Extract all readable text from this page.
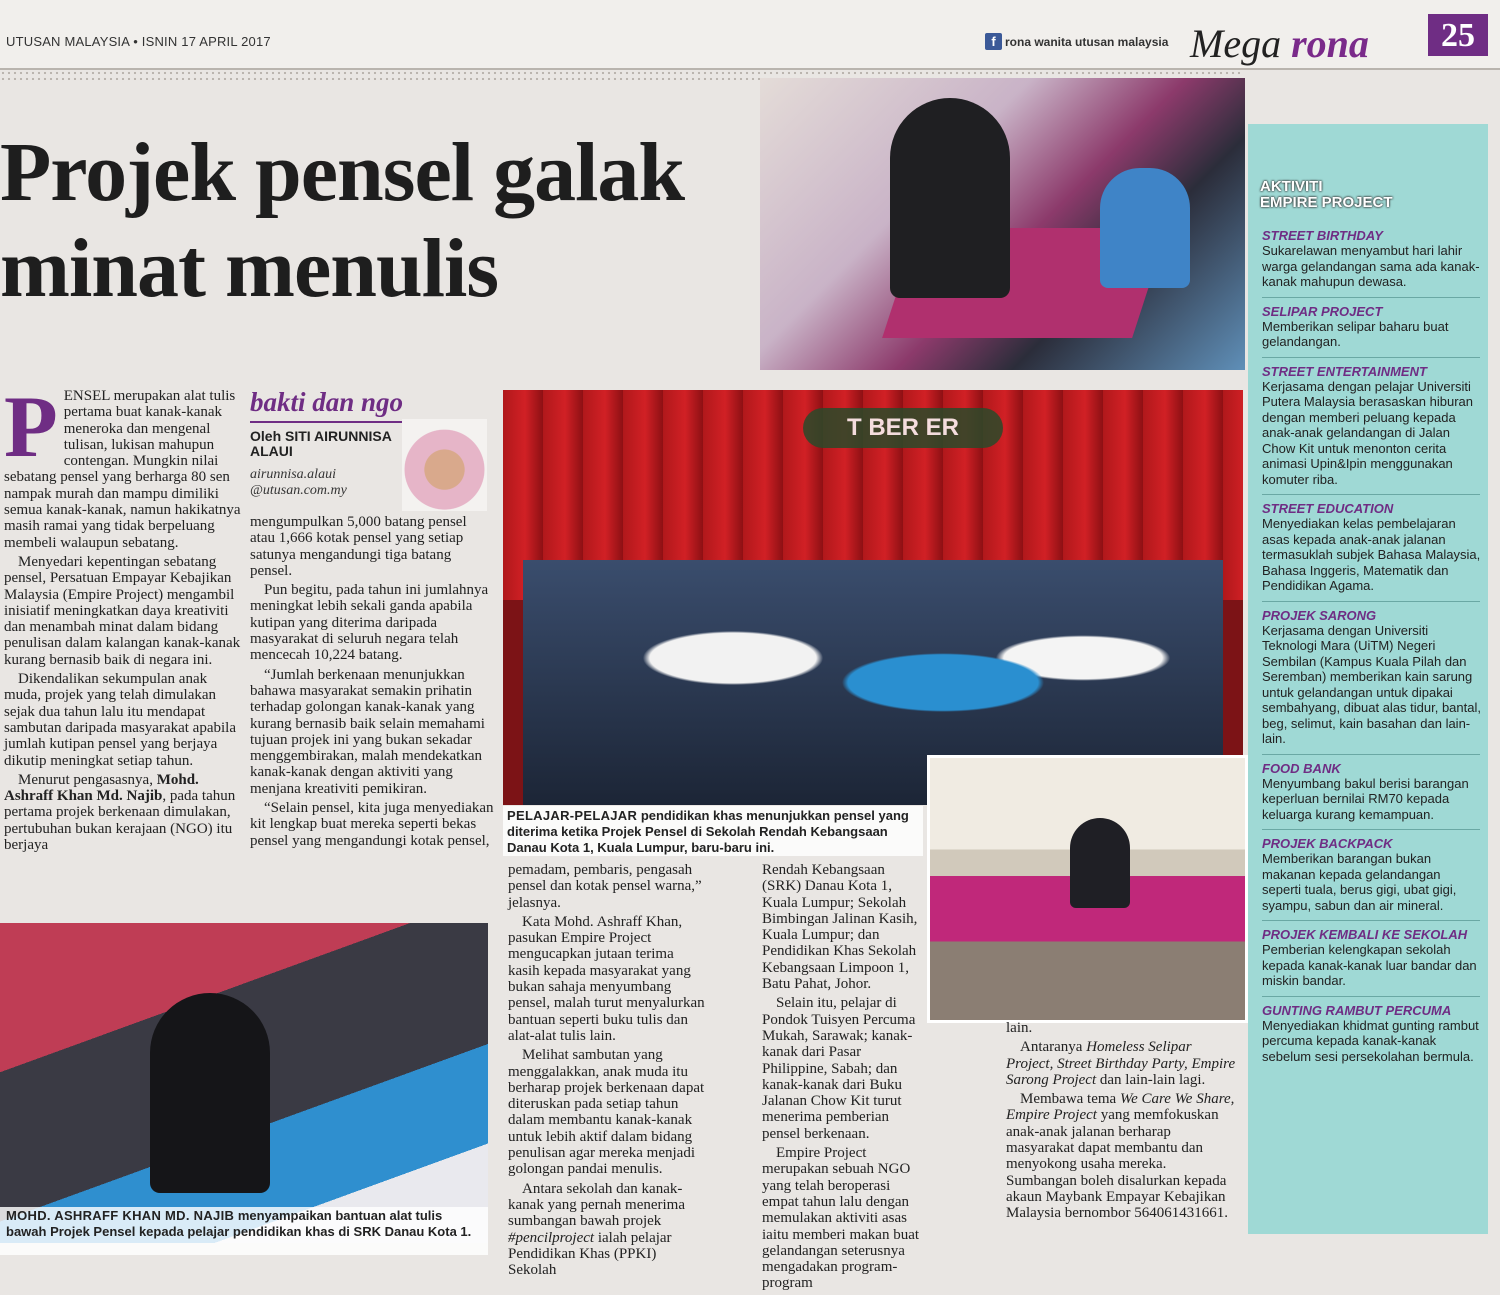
UTUSAN MALAYSIA • ISNIN 17 APRIL 2017	f rona wanita utusan malaysia Mega rona	25
Projek pensel galak
minat menulis
bakti dan ngo
Oleh SITI AIRUNNISA ALAUI
airunnisa.alaui @utusan.com.my

PENSEL merupakan alat tulis pertama buat kanak-kanak meneroka dan mengenal tulisan, lukisan mahupun contengan. Mungkin nilai sebatang pensel yang berharga 80 sen nampak murah dan mampu dimiliki semua kanak-kanak, namun hakikatnya masih ramai yang tidak berpeluang membeli walaupun sebatang.

Menyedari kepentingan sebatang pensel, Persatuan Empayar Kebajikan Malaysia (Empire Project) mengambil inisiatif meningkatkan daya kreativiti dan menambah minat dalam bidang penulisan dalam kalangan kanak-kanak kurang bernasib baik di negara ini.

Dikendalikan sekumpulan anak muda, projek yang telah dimulakan sejak dua tahun lalu itu mendapat sambutan daripada masyarakat apabila jumlah kutipan pensel yang berjaya dikutip meningkat setiap tahun.

Menurut pengasasnya, Mohd. Ashraff Khan Md. Najib, pada tahun pertama projek berkenaan dimulakan, pertubuhan bukan kerajaan (NGO) itu berjaya

mengumpulkan 5,000 batang pensel atau 1,666 kotak pensel yang setiap satunya mengandungi tiga batang pensel.

Pun begitu, pada tahun ini jumlahnya meningkat lebih sekali ganda apabila kutipan yang diterima daripada masyarakat di seluruh negara telah mencecah 10,224 batang.

“Jumlah berkenaan menunjukkan bahawa masyarakat semakin prihatin terhadap golongan kanak-kanak yang kurang bernasib baik selain memahami tujuan projek ini yang bukan sekadar menggembirakan, malah mendekatkan kanak-kanak dengan aktiviti yang menjana kreativiti pemikiran.

“Selain pensel, kita juga menyediakan kit lengkap buat mereka seperti bekas pensel yang mengandungi kotak pensel,

T BER ER
PELAJAR-PELAJAR pendidikan khas menunjukkan pensel yang diterima ketika Projek Pensel di Sekolah Rendah Kebangsaan Danau Kota 1, Kuala Lumpur, baru-baru ini.

pemadam, pembaris, pengasah pensel dan kotak pensel warna,” jelasnya.

Kata Mohd. Ashraff Khan, pasukan Empire Project mengucapkan jutaan terima kasih kepada masyarakat yang bukan sahaja menyumbang pensel, malah turut menyalurkan bantuan seperti buku tulis dan alat-alat tulis lain.

Melihat sambutan yang menggalakkan, anak muda itu berharap projek berkenaan dapat diteruskan pada setiap tahun dalam membantu kanak-kanak untuk lebih aktif dalam bidang penulisan agar mereka menjadi golongan pandai menulis.

Antara sekolah dan kanak-kanak yang pernah menerima sumbangan bawah projek #pencilproject ialah pelajar Pendidikan Khas (PPKI) Sekolah

Rendah Kebangsaan (SRK) Danau Kota 1, Kuala Lumpur; Sekolah Bimbingan Jalinan Kasih, Kuala Lumpur; dan Pendidikan Khas Sekolah Kebangsaan Limpoon 1, Batu Pahat, Johor.

Selain itu, pelajar di Pondok Tuisyen Percuma Mukah, Sarawak; kanak-kanak dari Pasar Philippine, Sabah; dan kanak-kanak dari Buku Jalanan Chow Kit turut menerima pemberian pensel berkenaan.

Empire Project merupakan sebuah NGO yang telah beroperasi empat tahun lalu dengan memulakan aktiviti asas iaitu memberi makan buat gelandangan seterusnya mengadakan program-program

lain.

Antaranya Homeless Selipar Project, Street Birthday Party, Empire Sarong Project dan lain-lain lagi.

Membawa tema We Care We Share, Empire Project yang memfokuskan anak-anak jalanan berharap masyarakat dapat membantu dan menyokong usaha mereka. Sumbangan boleh disalurkan kepada akaun Maybank Empayar Kebajikan Malaysia bernombor 564061431661.

MOHD. ASHRAFF KHAN MD. NAJIB menyampaikan bantuan alat tulis bawah Projek Pensel kepada pelajar pendidikan khas di SRK Danau Kota 1.
AKTIVITI
EMPIRE PROJECT
STREET BIRTHDAY
Sukarelawan menyambut hari lahir warga gelandangan sama ada kanak-kanak mahupun dewasa.
SELIPAR PROJECT
Memberikan selipar baharu buat gelandangan.
STREET ENTERTAINMENT
Kerjasama dengan pelajar Universiti Putera Malaysia berasaskan hiburan dengan memberi peluang kepada anak-anak gelandangan di Jalan Chow Kit untuk menonton cerita animasi Upin&Ipin menggunakan komuter riba.
STREET EDUCATION
Menyediakan kelas pembelajaran asas kepada anak-anak jalanan termasuklah subjek Bahasa Malaysia, Bahasa Inggeris, Matematik dan Pendidikan Agama.
PROJEK SARONG
Kerjasama dengan Universiti Teknologi Mara (UiTM) Negeri Sembilan (Kampus Kuala Pilah dan Seremban) memberikan kain sarung untuk gelandangan untuk dipakai sembahyang, dibuat alas tidur, bantal, beg, selimut, kain basahan dan lain-lain.
FOOD BANK
Menyumbang bakul berisi barangan keperluan bernilai RM70 kepada keluarga kurang kemampuan.
PROJEK BACKPACK
Memberikan barangan bukan makanan kepada gelandangan seperti tuala, berus gigi, ubat gigi, syampu, sabun dan air mineral.
PROJEK KEMBALI KE SEKOLAH
Pemberian kelengkapan sekolah kepada kanak-kanak luar bandar dan miskin bandar.
GUNTING RAMBUT PERCUMA
Menyediakan khidmat gunting rambut percuma kepada kanak-kanak sebelum sesi persekolahan bermula.
